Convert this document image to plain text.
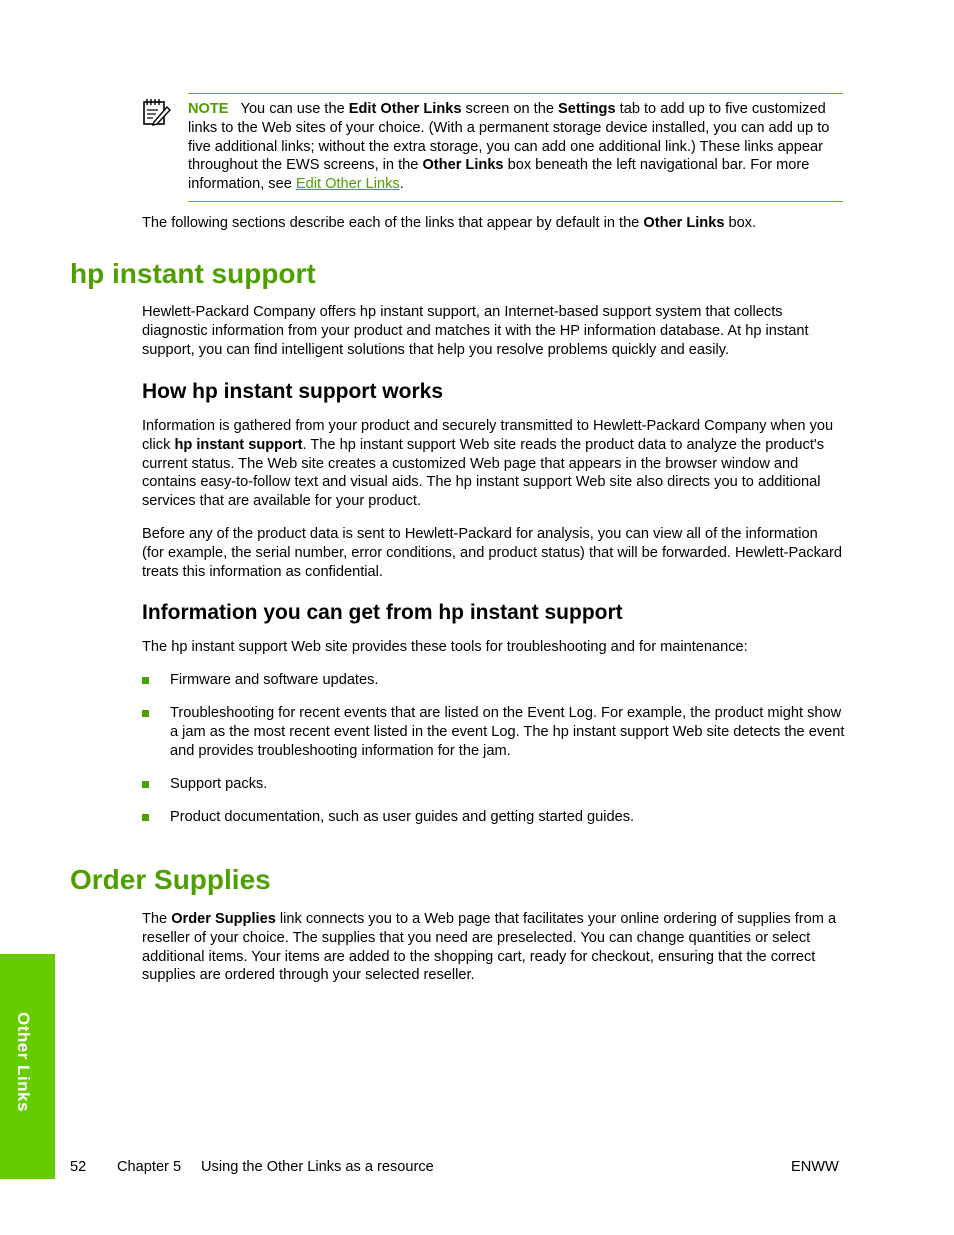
NOTE You can use the Edit Other Links screen on the Settings tab to add up to five customized links to the Web sites of your choice. (With a permanent storage device installed, you can add up to five additional links; without the extra storage, you can add one additional link.) These links appear throughout the EWS screens, in the Other Links box beneath the left navigational bar. For more information, see Edit Other Links.

The following sections describe each of the links that appear by default in the Other Links box.

hp instant support

Hewlett-Packard Company offers hp instant support, an Internet-based support system that collects diagnostic information from your product and matches it with the HP information database. At hp instant support, you can find intelligent solutions that help you resolve problems quickly and easily.

How hp instant support works

Information is gathered from your product and securely transmitted to Hewlett-Packard Company when you click hp instant support. The hp instant support Web site reads the product data to analyze the product's current status. The Web site creates a customized Web page that appears in the browser window and contains easy-to-follow text and visual aids. The hp instant support Web site also directs you to additional services that are available for your product.

Before any of the product data is sent to Hewlett-Packard for analysis, you can view all of the information (for example, the serial number, error conditions, and product status) that will be forwarded. Hewlett-Packard treats this information as confidential.

Information you can get from hp instant support

The hp instant support Web site provides these tools for troubleshooting and for maintenance:

Firmware and software updates.
Troubleshooting for recent events that are listed on the Event Log. For example, the product might show a jam as the most recent event listed in the event Log. The hp instant support Web site detects the event and provides troubleshooting information for the jam.
Support packs.
Product documentation, such as user guides and getting started guides.
Order Supplies

The Order Supplies link connects you to a Web page that facilitates your online ordering of supplies from a reseller of your choice. The supplies that you need are preselected. You can change quantities or select additional items. Your items are added to the shopping cart, ready for checkout, ensuring that the correct supplies are ordered through your selected reseller.

Other Links
52 Chapter 5 Using the Other Links as a resource	ENWW
